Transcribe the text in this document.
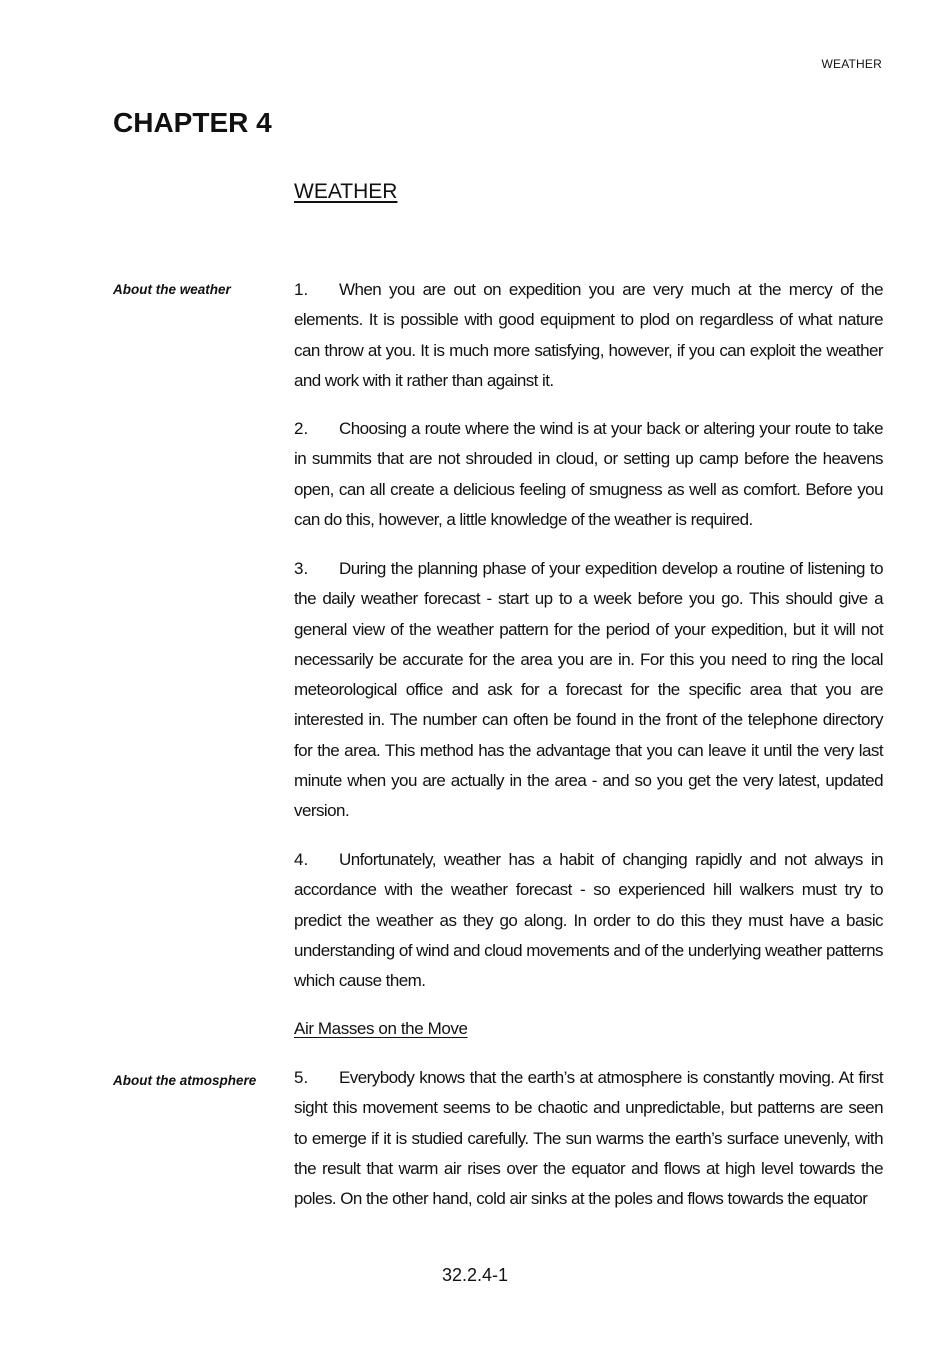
WEATHER
CHAPTER 4
WEATHER
About the weather
About the atmosphere

1. When you are out on expedition you are very much at the mercy of the elements. It is possible with good equipment to plod on regardless of what nature can throw at you. It is much more satisfying, however, if you can exploit the weather and work with it rather than against it.

2. Choosing a route where the wind is at your back or altering your route to take in summits that are not shrouded in cloud, or setting up camp before the heavens open, can all create a delicious feeling of smugness as well as comfort. Before you can do this, however, a little knowledge of the weather is required.

3. During the planning phase of your expedition develop a routine of listening to the daily weather forecast - start up to a week before you go. This should give a general view of the weather pattern for the period of your expedition, but it will not necessarily be accurate for the area you are in. For this you need to ring the local meteorological office and ask for a forecast for the specific area that you are interested in. The number can often be found in the front of the telephone directory for the area. This method has the advantage that you can leave it until the very last minute when you are actually in the area - and so you get the very latest, updated version.

4. Unfortunately, weather has a habit of changing rapidly and not always in accordance with the weather forecast - so experienced hill walkers must try to predict the weather as they go along. In order to do this they must have a basic understanding of wind and cloud movements and of the underlying weather patterns which cause them.

Air Masses on the Move

5. Everybody knows that the earth’s at atmosphere is constantly moving. At first sight this movement seems to be chaotic and unpredictable, but patterns are seen to emerge if it is studied carefully. The sun warms the earth’s surface unevenly, with the result that warm air rises over the equator and flows at high level towards the poles. On the other hand, cold air sinks at the poles and flows towards the equator

32.2.4-1
